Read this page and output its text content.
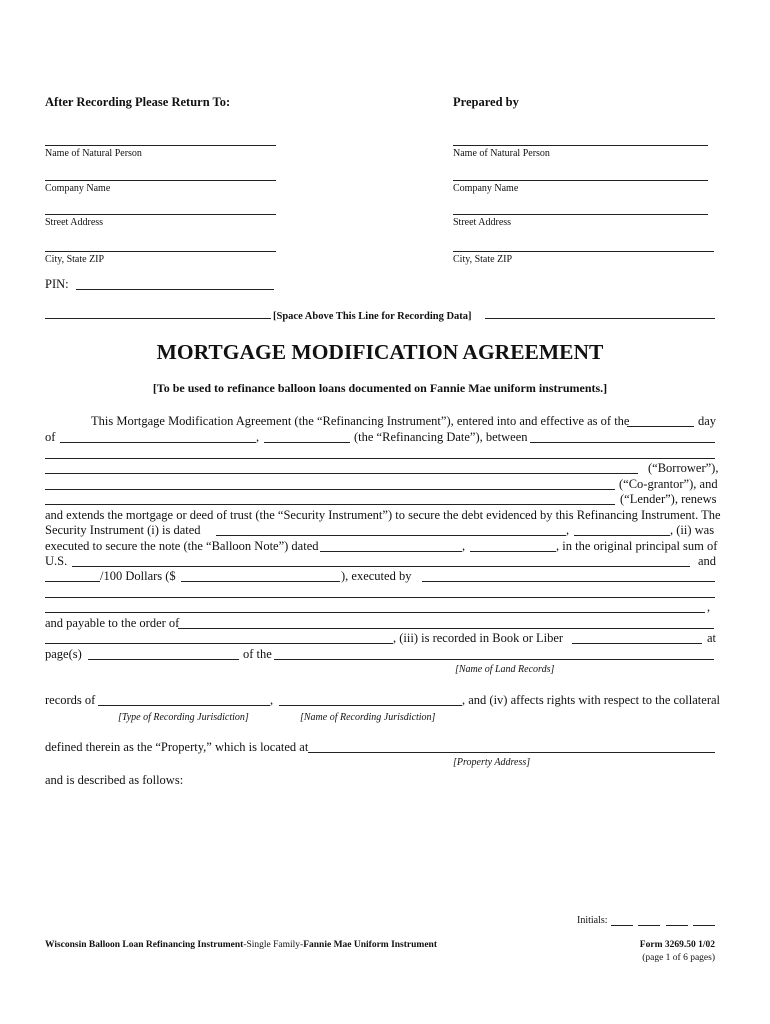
After Recording Please Return To:	Prepared by
Name of Natural Person	Name of Natural Person
Company Name	Company Name
Street Address	Street Address
City, State ZIP	City, State ZIP
PIN:
[Space Above This Line for Recording Data]
MORTGAGE MODIFICATION AGREEMENT
[To be used to refinance balloon loans documented on Fannie Mae uniform instruments.]
This Mortgage Modification Agreement (the “Refinancing Instrument”), entered into and effective as of the	day
of	,	(the “Refinancing Date”), between
(“Borrower”),
(“Co-grantor”), and
(“Lender”), renews
and extends the mortgage or deed of trust (the “Security Instrument”) to secure the debt evidenced by this Refinancing Instrument. The
Security Instrument (i) is dated	,	, (ii) was
executed to secure the note (the “Balloon Note”) dated	,	, in the original principal sum of
U.S.	and
/100 Dollars ($	), executed by
,
and payable to the order of
, (iii) is recorded in Book or Liber	at
page(s)	of the
[Name of Land Records]
records of	,	, and (iv) affects rights with respect to the collateral
[Type of Recording Jurisdiction]	[Name of Recording Jurisdiction]
defined therein as the “Property,” which is located at
[Property Address]
and is described as follows:
Initials:
Wisconsin Balloon Loan Refinancing Instrument-Single Family-Fannie Mae Uniform Instrument	Form 3269.50 1/02
(page 1 of 6 pages)
